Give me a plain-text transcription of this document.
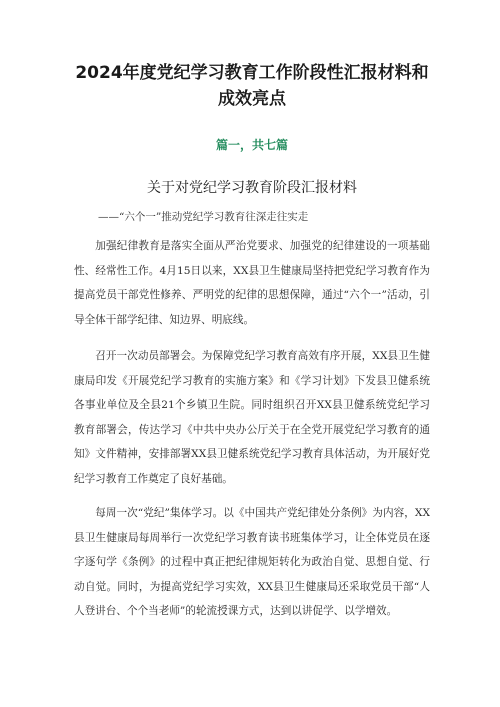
2024年度党纪学习教育工作阶段性汇报材料和成效亮点
篇一，共七篇
关于对党纪学习教育阶段汇报材料
——“六个一”推动党纪学习教育往深走往实走

加强纪律教育是落实全面从严治党要求、加强党的纪律建设的一项基础性、经常性工作。4月15日以来，XX县卫生健康局坚持把党纪学习教育作为提高党员干部党性修养、严明党的纪律的思想保障，通过“六个一”活动，引导全体干部学纪律、知边界、明底线。

召开一次动员部署会。为保障党纪学习教育高效有序开展，XX县卫生健康局印发《开展党纪学习教育的实施方案》和《学习计划》下发县卫健系统各事业单位及全县21个乡镇卫生院。同时组织召开XX县卫健系统党纪学习教育部署会，传达学习《中共中央办公厅关于在全党开展党纪学习教育的通知》文件精神，安排部署XX县卫健系统党纪学习教育具体活动，为开展好党纪学习教育工作奠定了良好基础。

每周一次“党纪”集体学习。以《中国共产党纪律处分条例》为内容，XX县卫生健康局每周举行一次党纪学习教育读书班集体学习，让全体党员在逐字逐句学《条例》的过程中真正把纪律规矩转化为政治自觉、思想自觉、行动自觉。同时，为提高党纪学习实效，XX县卫生健康局还采取党员干部“人人登讲台、个个当老师”的轮流授课方式，达到以讲促学、以学增效。
